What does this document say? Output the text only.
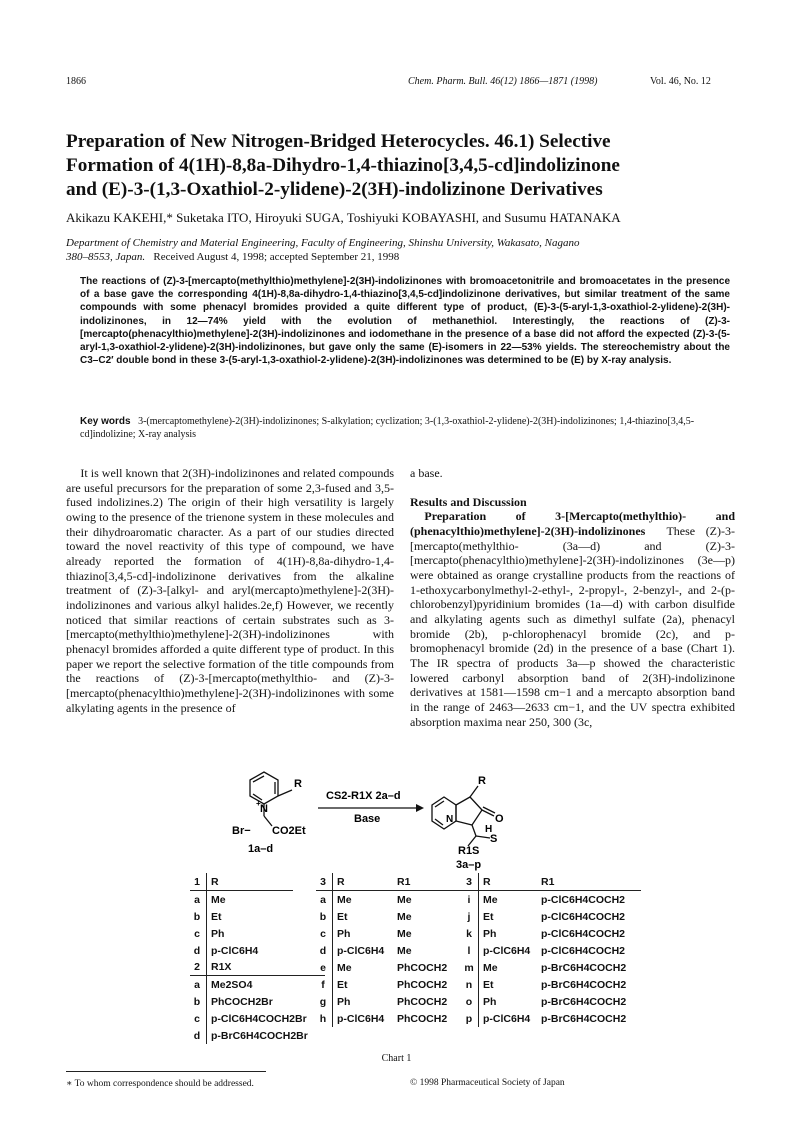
1866	Chem. Pharm. Bull. 46(12) 1866—1871 (1998)	Vol. 46, No. 12
Preparation of New Nitrogen-Bridged Heterocycles. 46.1) Selective
Formation of 4(1H)-8,8a-Dihydro-1,4-thiazino[3,4,5-cd]indolizinone
and (E)-3-(1,3-Oxathiol-2-ylidene)-2(3H)-indolizinone Derivatives
Akikazu KAKEHI,* Suketaka ITO, Hiroyuki SUGA, Toshiyuki KOBAYASHI, and Susumu HATANAKA
Department of Chemistry and Material Engineering, Faculty of Engineering, Shinshu University, Wakasato, Nagano
380–8553, Japan. Received August 4, 1998; accepted September 21, 1998
The reactions of (Z)-3-[mercapto(methylthio)methylene]-2(3H)-indolizinones with bromoacetonitrile and bromoacetates in the presence of a base gave the corresponding 4(1H)-8,8a-dihydro-1,4-thiazino[3,4,5-cd]indolizinone derivatives, but similar treatment of the same compounds with some phenacyl bromides provided a quite different type of product, (E)-3-(5-aryl-1,3-oxathiol-2-ylidene)-2(3H)-indolizinones, in 12—74% yield with the evolution of methanethiol. Interestingly, the reactions of (Z)-3-[mercapto(phenacylthio)methylene]-2(3H)-indolizinones and iodomethane in the presence of a base did not afford the expected (Z)-3-(5-aryl-1,3-oxathiol-2-ylidene)-2(3H)-indolizinones, but gave only the same (E)-isomers in 22—53% yields. The stereochemistry about the C3–C2′ double bond in these 3-(5-aryl-1,3-oxathiol-2-ylidene)-2(3H)-indolizinones was determined to be (E) by X-ray analysis.
Key words 3-(mercaptomethylene)-2(3H)-indolizinones; S-alkylation; cyclization; 3-(1,3-oxathiol-2-ylidene)-2(3H)-indolizinones; 1,4-thiazino[3,4,5-cd]indolizine; X-ray analysis

It is well known that 2(3H)-indolizinones and related compounds are useful precursors for the preparation of some 2,3-fused and 3,5-fused indolizines.2) The origin of their high versatility is largely owing to the presence of the trienone system in these molecules and their dihydroaromatic character. As a part of our studies directed toward the novel reactivity of this type of compound, we have already reported the formation of 4(1H)-8,8a-dihydro-1,4-thiazino[3,4,5-cd]-indolizinone derivatives from the alkaline treatment of (Z)-3-[alkyl- and aryl(mercapto)methylene]-2(3H)-indolizinones and various alkyl halides.2e,f) However, we recently noticed that similar reactions of certain substrates such as 3-[mercapto(methylthio)methylene]-2(3H)-indolizinones with phenacyl bromides afforded a quite different type of product. In this paper we report the selective formation of the title compounds from the reactions of (Z)-3-[mercapto(methylthio- and (Z)-3-[mercapto(phenacylthio)methylene]-2(3H)-indolizinones with some alkylating agents in the presence of

a base.

Results and Discussion

Preparation of 3-[Mercapto(methylthio)- and (phenacylthio)methylene]-2(3H)-indolizinones These (Z)-3-[mercapto(methylthio- (3a—d) and (Z)-3-[mercapto(phenacylthio)methylene]-2(3H)-indolizinones (3e—p) were obtained as orange crystalline products from the reactions of 1-ethoxycarbonylmethyl-2-ethyl-, 2-propyl-, 2-benzyl-, and 2-(p-chlorobenzyl)pyridinium bromides (1a—d) with carbon disulfide and alkylating agents such as dimethyl sulfate (2a), phenacyl bromide (2b), p-chlorophenacyl bromide (2c), and p-bromophenacyl bromide (2d) in the presence of a base (Chart 1). The IR spectra of products 3a—p showed the characteristic lowered carbonyl absorption band of 2(3H)-indolizinone derivatives at 1581—1598 cm−1 and a mercapto absorption band in the range of 2463—2633 cm−1, and the UV spectra exhibited absorption maxima near 250, 300 (3c,

R
N
+
Br− CO2Et
1a–d
CS2-R1X 2a–d
Base
R
O
H
S
N
R1S
3a–p
1	R
a	Me
b	Et
c	Ph
d	p-ClC6H4
2	R1X
a	Me2SO4
b	PhCOCH2Br
c	p-ClC6H4COCH2Br
d	p-BrC6H4COCH2Br
3	R	R1
a	Me	Me
b	Et	Me
c	Ph	Me
d	p-ClC6H4	Me
e	Me	PhCOCH2
f	Et	PhCOCH2
g	Ph	PhCOCH2
h	p-ClC6H4	PhCOCH2
3	R	R1
i	Me	p-ClC6H4COCH2
j	Et	p-ClC6H4COCH2
k	Ph	p-ClC6H4COCH2
l	p-ClC6H4	p-ClC6H4COCH2
m	Me	p-BrC6H4COCH2
n	Et	p-BrC6H4COCH2
o	Ph	p-BrC6H4COCH2
p	p-ClC6H4	p-BrC6H4COCH2
Chart 1
∗ To whom correspondence should be addressed.	© 1998 Pharmaceutical Society of Japan
